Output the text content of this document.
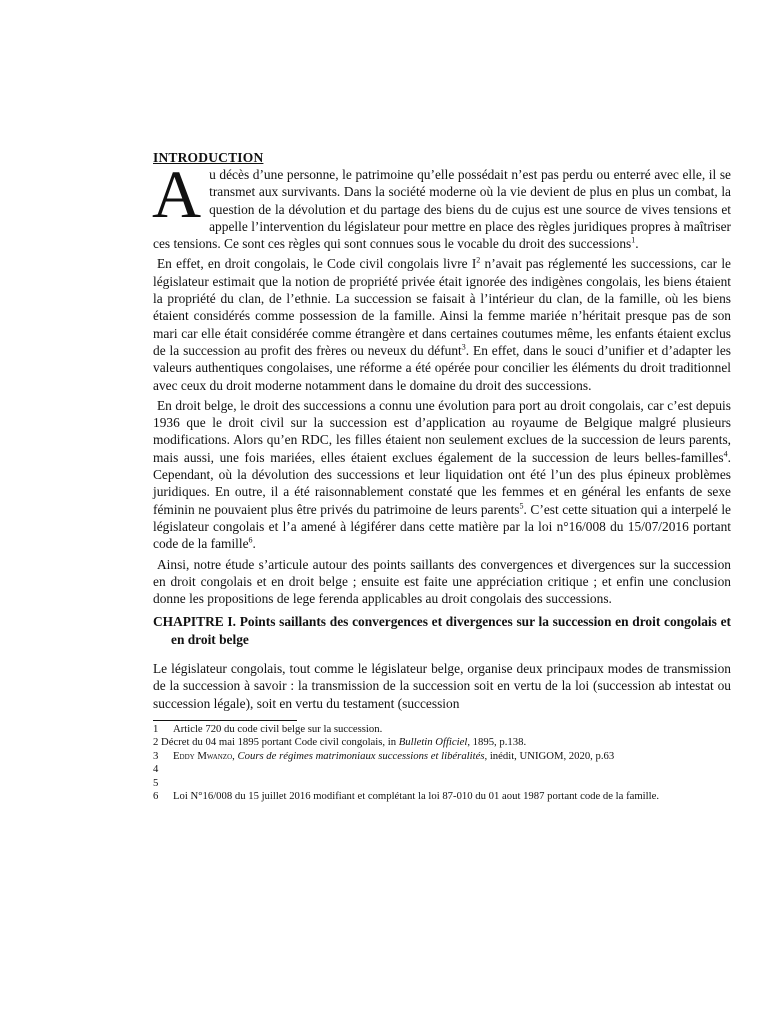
INTRODUCTION

Au décès d’une personne, le patrimoine qu’elle possédait n’est pas perdu ou enterré avec elle, il se transmet aux survivants. Dans la société moderne où la vie devient de plus en plus un combat, la question de la dévolution et du partage des biens du de cujus est une source de vives tensions et appelle l’intervention du législateur pour mettre en place des règles juridiques propres à maîtriser ces tensions. Ce sont ces règles qui sont connues sous le vocable du droit des successions$^1$.

En effet, en droit congolais, le Code civil congolais livre $I^2$ n’avait pas réglementé les successions, car le législateur estimait que la notion de propriété privée était ignorée des indigènes congolais, les biens étaient la propriété du clan, de l’ethnie. La succession se faisait à l’intérieur du clan, de la famille, où les biens étaient considérés comme possession de la famille. Ainsi la femme mariée n’héritait presque pas de son mari car elle était considérée comme étrangère et dans certaines coutumes même, les enfants étaient exclus de la succession au profit des frères ou neveux du défunt$^3$. En effet, dans le souci d’unifier et d’adapter les valeurs authentiques congolaises, une réforme a été opérée pour concilier les éléments du droit traditionnel avec ceux du droit moderne notamment dans le domaine du droit des successions.

En droit belge, le droit des successions a connu une évolution para port au droit congolais, car c’est depuis 1936 que le droit civil sur la succession est d’application au royaume de Belgique malgré plusieurs modifications. Alors qu’en RDC, les filles étaient non seulement exclues de la succession de leurs parents, mais aussi, une fois mariées, elles étaient exclues également de la succession de leurs belles-familles$^4$. Cependant, où la dévolution des successions et leur liquidation ont été l’un des plus épineux problèmes juridiques. En outre, il a été raisonnablement constaté que les femmes et en général les enfants de sexe féminin ne pouvaient plus être privés du patrimoine de leurs parents$^5$. C’est cette situation qui a interpelé le législateur congolais et l’a amené à légiférer dans cette matière par la loi n°16/008 du 15/07/2016 portant code de la famille$^6$.

Ainsi, notre étude s’articule autour des points saillants des convergences et divergences sur la succession en droit congolais et en droit belge ; ensuite est faite une appréciation critique ; et enfin une conclusion donne les propositions de lege ferenda applicables au droit congolais des successions.

CHAPITRE I. Points saillants des convergences et divergences sur la succession en droit congolais et en droit belge

Le législateur congolais, tout comme le législateur belge, organise deux principaux modes de transmission de la succession à savoir : la transmission de la succession soit en vertu de la loi (succession ab intestat ou succession légale), soit en vertu du testament (succession

1	Article 720 du code civil belge sur la succession.

2 Décret du 04 mai 1895 portant Code civil congolais, in Bulletin Officiel, 1895, p.138.

3	Eddy Mwanzo, Cours de régimes matrimoniaux successions et libéralités, inédit, UNIGOM, 2020, p.63

4

5

6	Loi N°16/008 du 15 juillet 2016 modifiant et complétant la loi 87-010 du 01 aout 1987 portant code de la famille.
